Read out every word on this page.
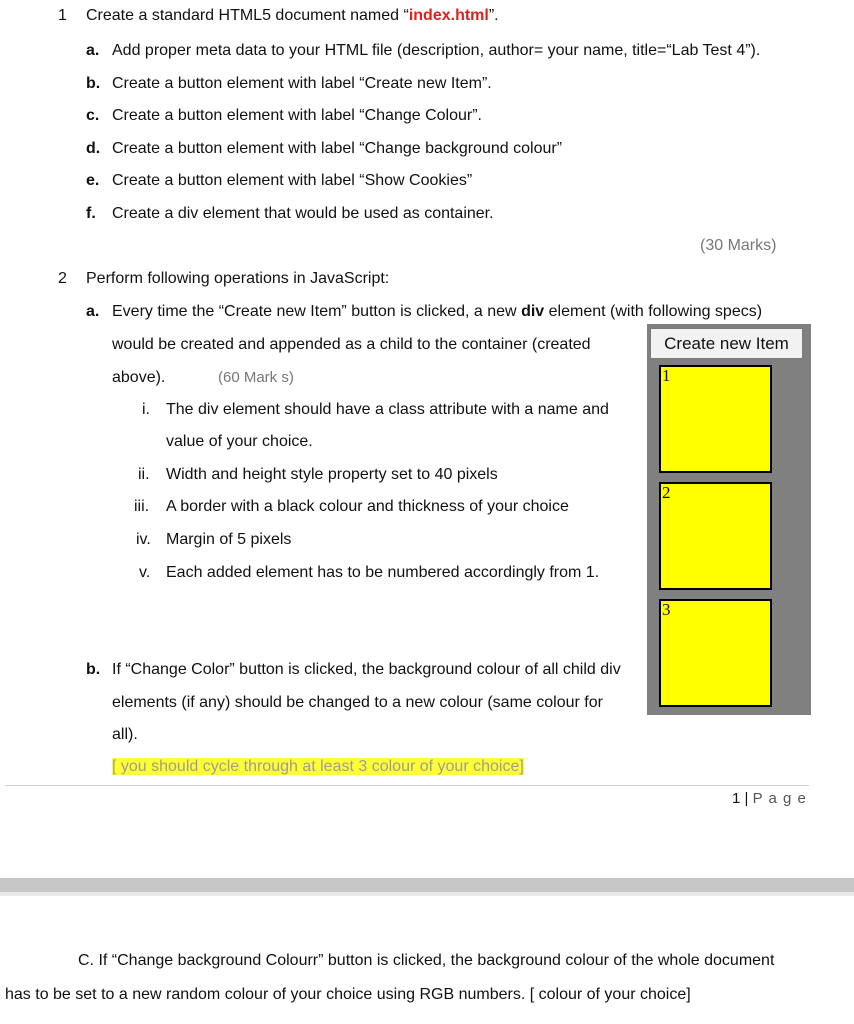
1 Create a standard HTML5 document named “index.html”.
a. Add proper meta data to your HTML file (description, author= your name, title=“Lab Test 4”).
b. Create a button element with label “Create new Item”.
c. Create a button element with label “Change Colour”.
d. Create a button element with label “Change background colour”
e. Create a button element with label “Show Cookies”
f. Create a div element that would be used as container.
(30 Marks)
2 Perform following operations in JavaScript:
a. Every time the “Create new Item” button is clicked, a new div element (with following specs)
would be created and appended as a child to the container (created
above).	(60 Mark s)
i. The div element should have a class attribute with a name and
value of your choice.
ii. Width and height style property set to 40 pixels
iii. A border with a black colour and thickness of your choice
iv. Margin of 5 pixels
v. Each added element has to be numbered accordingly from 1.
b. If “Change Color” button is clicked, the background colour of all child div
elements (if any) should be changed to a new colour (same colour for
all).
[ you should cycle through at least 3 colour of your choice]
Create new Item
1
2
3
1 | P a g e
C. If “Change background Colourr” button is clicked, the background colour of the whole document
has to be set to a new random colour of your choice using RGB numbers. [ colour of your choice]
